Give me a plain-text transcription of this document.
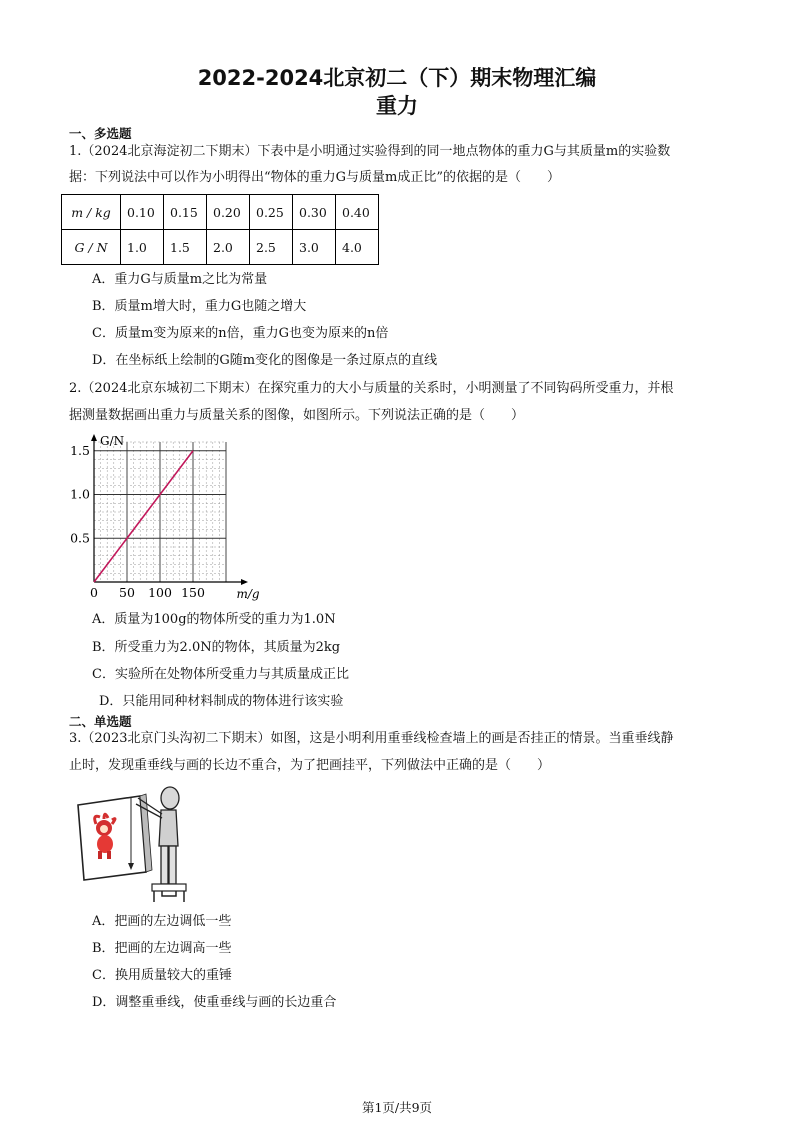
2022-2024北京初二（下）期末物理汇编
重力
一、多选题
1.（2024北京海淀初二下期末）下表中是小明通过实验得到的同一地点物体的重力G与其质量m的实验数
据：下列说法中可以作为小明得出“物体的重力G与质量m成正比”的依据的是（　　）
m / kg	0.10	0.15	0.20	0.25	0.30	0.40
G / N	1.0	1.5	2.0	2.5	3.0	4.0
A．重力G与质量m之比为常量
B．质量m增大时，重力G也随之增大
C．质量m变为原来的n倍，重力G也变为原来的n倍
D．在坐标纸上绘制的G随m变化的图像是一条过原点的直线
2.（2024北京东城初二下期末）在探究重力的大小与质量的关系时，小明测量了不同钩码所受重力，并根
据测量数据画出重力与质量关系的图像，如图所示。下列说法正确的是（　　）
0 50 100 150
0.5
1.0
1.5
m/g
G/N
A．质量为100g的物体所受的重力为1.0N
B．所受重力为2.0N的物体，其质量为2kg
C．实验所在处物体所受重力与其质量成正比
D．只能用同种材料制成的物体进行该实验
二、单选题
3.（2023北京门头沟初二下期末）如图，这是小明利用重垂线检查墙上的画是否挂正的情景。当重垂线静
止时，发现重垂线与画的长边不重合，为了把画挂平，下列做法中正确的是（　　）
A．把画的左边调低一些
B．把画的左边调高一些
C．换用质量较大的重锤
D．调整重垂线，使重垂线与画的长边重合
第1页/共9页
